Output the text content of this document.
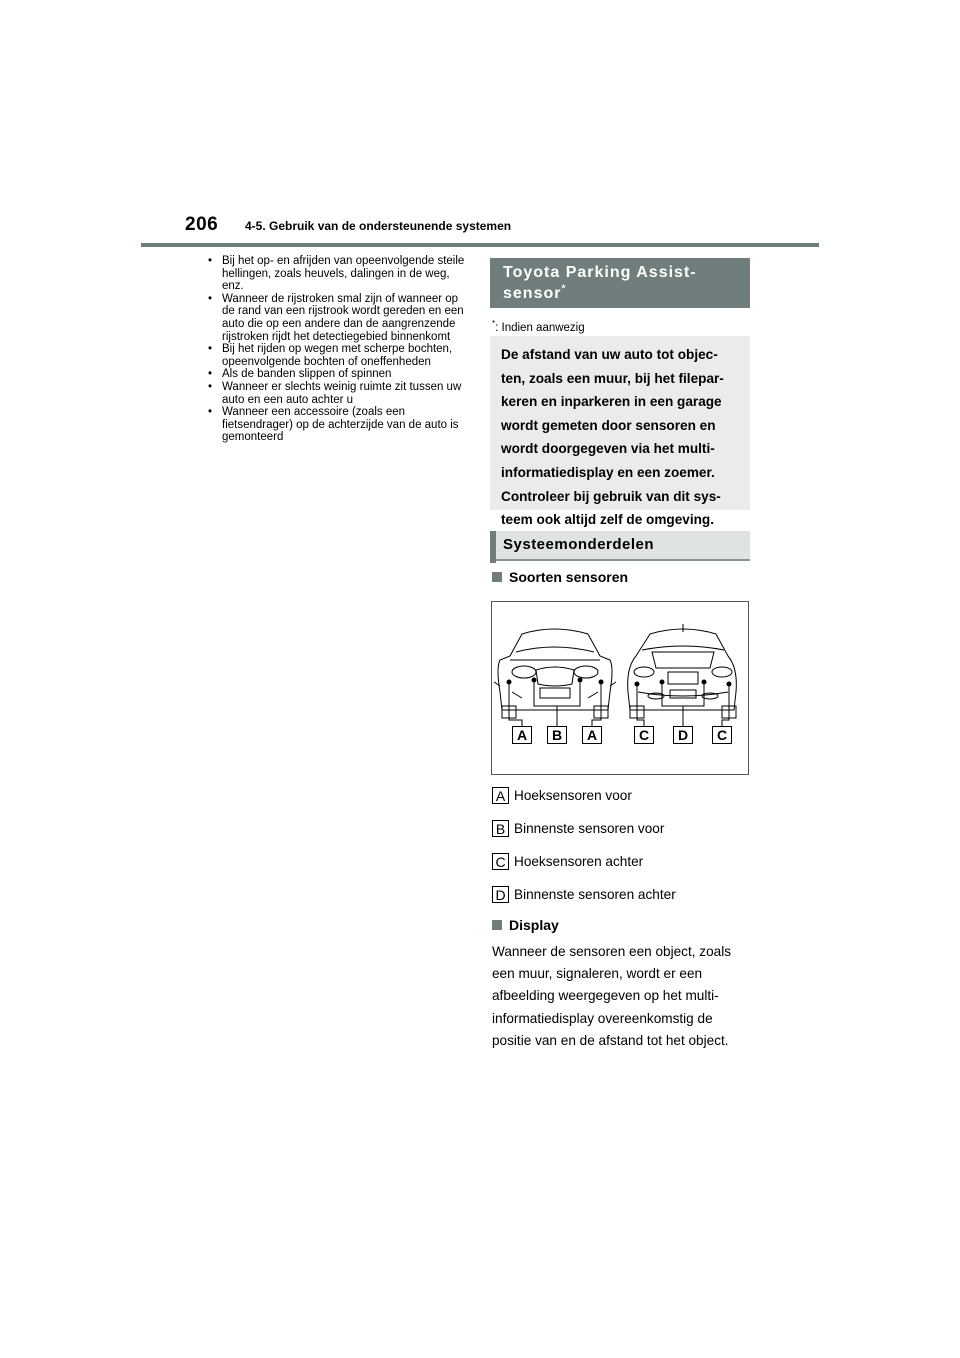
206 4-5. Gebruik van de ondersteunende systemen
• Bij het op- en afrijden van opeenvolgende steile hellingen, zoals heuvels, dalingen in de weg, enz.
• Wanneer de rijstroken smal zijn of wanneer op de rand van een rijstrook wordt gereden en een auto die op een andere dan de aangrenzende rijstroken rijdt het detectiegebied binnenkomt
• Bij het rijden op wegen met scherpe bochten, opeenvolgende bochten of oneffenheden
• Als de banden slippen of spinnen
• Wanneer er slechts weinig ruimte zit tussen uw auto en een auto achter u
• Wanneer een accessoire (zoals een fietsendrager) op de achterzijde van de auto is gemonteerd
Toyota Parking Assist-sensor*
*: Indien aanwezig
De afstand van uw auto tot objec-
ten, zoals een muur, bij het filepar-
keren en inparkeren in een garage
wordt gemeten door sensoren en
wordt doorgegeven via het multi-
informatiedisplay en een zoemer.
Controleer bij gebruik van dit sys-
teem ook altijd zelf de omgeving.
Systeemonderdelen
Soorten sensoren
A	B	A	C	D	C
A Hoeksensoren voor
B Binnenste sensoren voor
C Hoeksensoren achter
D Binnenste sensoren achter
Display
Wanneer de sensoren een object, zoals
een muur, signaleren, wordt er een
afbeelding weergegeven op het multi-
informatiedisplay overeenkomstig de
positie van en de afstand tot het object.
